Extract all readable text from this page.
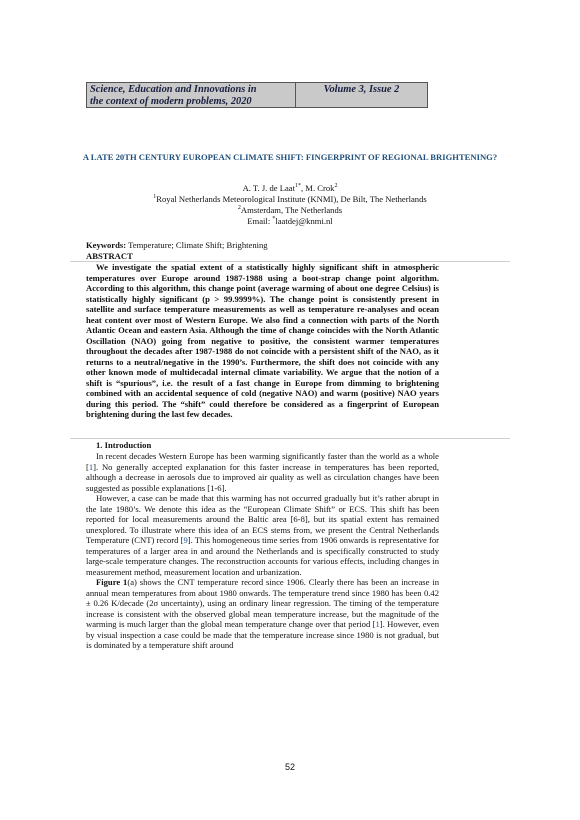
Science, Education and Innovations in
the context of modern problems, 2020
Volume 3, Issue 2
A LATE 20TH CENTURY EUROPEAN CLIMATE SHIFT: FINGERPRINT OF REGIONAL BRIGHTENING?
A. T. J. de Laat$^{1*}$, M. Crok$^2$
$^1$Royal Netherlands Meteorological Institute (KNMI), De Bilt, The Netherlands
$^2$Amsterdam, The Netherlands
Email: *laatdej@knmi.nl
Keywords: Temperature; Climate Shift; Brightening
ABSTRACT
We investigate the spatial extent of a statistically highly significant shift in atmospheric temperatures over Europe around 1987-1988 using a boot-strap change point algorithm. According to this algorithm, this change point (average warming of about one degree Celsius) is statistically highly significant (p > 99.9999%). The change point is consistently present in satellite and surface temperature measurements as well as temperature re-analyses and ocean heat content over most of Western Europe. We also find a connection with parts of the North Atlantic Ocean and eastern Asia. Although the time of change coincides with the North Atlantic Oscillation (NAO) going from negative to positive, the consistent warmer temperatures throughout the decades after 1987-1988 do not coincide with a persistent shift of the NAO, as it returns to a neutral/negative in the 1990’s. Furthermore, the shift does not coincide with any other known mode of multidecadal internal climate variability. We argue that the notion of a shift is “spurious”, i.e. the result of a fast change in Europe from dimming to brightening combined with an accidental sequence of cold (negative NAO) and warm (positive) NAO years during this period. The “shift” could therefore be considered as a fingerprint of European brightening during the last few decades.
1. Introduction

In recent decades Western Europe has been warming significantly faster than the world as a whole [1]. No generally accepted explanation for this faster increase in temperatures has been reported, although a decrease in aerosols due to improved air quality as well as circulation changes have been suggested as possible explanations [1-6].

However, a case can be made that this warming has not occurred gradually but it’s rather abrupt in the late 1980’s. We denote this idea as the “European Climate Shift” or ECS. This shift has been reported for local measurements around the Baltic area [6-8], but its spatial extent has remained unexplored. To illustrate where this idea of an ECS stems from, we present the Central Netherlands Temperature (CNT) record [9]. This homogeneous time series from 1906 onwards is representative for temperatures of a larger area in and around the Netherlands and is specifically constructed to study large-scale temperature changes. The reconstruction accounts for various effects, including changes in measurement method, measurement location and urbanization.

Figure 1(a) shows the CNT temperature record since 1906. Clearly there has been an increase in annual mean temperatures from about 1980 onwards. The temperature trend since 1980 has been 0.42 ± 0.26 K/decade (2σ uncertainty), using an ordinary linear regression. The timing of the temperature increase is consistent with the observed global mean temperature increase, but the magnitude of the warming is much larger than the global mean temperature change over that period [1]. However, even by visual inspection a case could be made that the temperature increase since 1980 is not gradual, but is dominated by a temperature shift around

52
